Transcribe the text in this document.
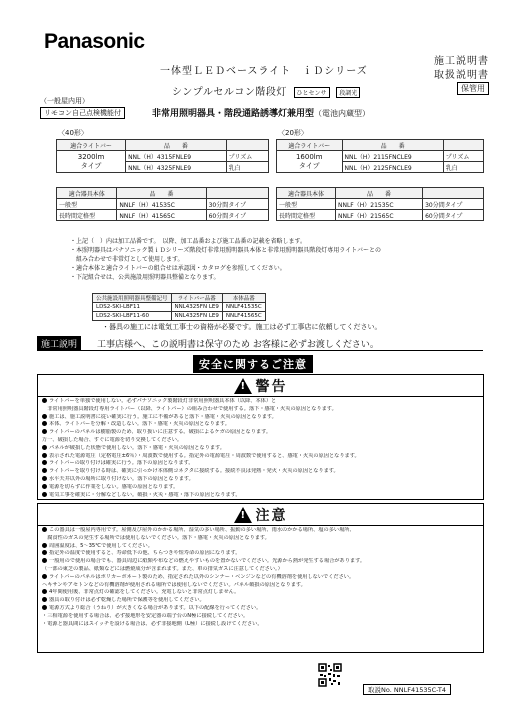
Panasonic
施工説明書
取扱説明書
保管用
一体型ＬＥＤベースライト　ｉＤシリーズ
シンプルセルコン階段灯 ひとセンサ 段調光
（一般屋内用）
リモコン自己点検機能付	非常用照明器具・階段通路誘導灯兼用型（電池内蔵型）
〈40形〉
適合ライトバー	品　　番	

3200lm
タイプ	NNL（H）4315FNLE9	プリズム
	NNL（H）4325FNLE9	乳白
適合器具本体	品　　番	
一般型	NNLF（H）41535C	30分間タイプ
長時間定格型	NNLF（H）41565C	60分間タイプ
〈20形〉
適合ライトバー	品　　番	

1600lm
タイプ	NNL（H）2115FNCLE9	プリズム
	NNL（H）2125FNCLE9	乳白
適合器具本体	品　　番	
一般型	NNLF（H）21535C	30分間タイプ
長時間定格型	NNLF（H）21565C	60分間タイプ
・上記（　）内は加工品番です。　以降、加工品番および施工品番の記載を省略します。
・本照明器具はパナソニック製ｉＤシリーズ階段灯非常用照明器具本体と非常用照明器具階段灯専用ライトバーとの
　組み合わせで非常灯として使用します。
・適合本体と適合ライトバーの組合せは承認図・カタログを参照してください。
・下記組合せは、公共施設用照明器具整備となります。
公共施設用照明器具整備記号	ライトバー品番	本体品番
LDS2-SKI-LBF11	NNL4325FN LE9	NNLF41535C
LDS2-SKI-LBF11-60	NNL4325FN LE9	NNLF41565C
・器具の施工には電気工事士の資格が必要です。施工は必ず工事店に依頼してください。
施工説明	工事店様へ、この説明書は保守のため お客様に必ずお渡しください。
安全に関するご注意
! 警告
ライトバーを単独で使用しない。必ずパナソニック製階段灯非常用照明器具本体（以降、本体）と
　非常用照明器具階段灯専用ライトバー（以降、ライトバー）の組み合わせで使用する。落下・感電・火災の原因となります。
施工は、施工説明書に従い確実に行う。施工に不備があると落下・感電・火災の原因となります。
本体、ライトバーを分解・改造しない。落下・感電・火災の原因となります。
ライトバーのパネルは樹脂製のため、取り扱いに注意する。破損によるケガの原因となります。
万一、破損した場合、すぐに電源を切り交換してください。
パネルが破損した状態で使用しない。落下・感電・火災の原因となります。
表示された電源電圧（定格電圧±6％）・周波数で使用する。指定外の電源電圧・周波数で使用すると、感電・火災の原因となります。
ライトバーの取り付けは確実に行う。落下の原因となります。
ライトバーを取り付ける時は、確実に引っかけ本体側コネクタに接続する。接続不良は発熱・発火・火災の原因となります。
水平天井以外の場所に取り付けない。落下の原因となります。
電源を切らずに作業をしない。感電の原因となります。
電気工事を確実に・分解などしない。破損・火災・感電・落下の原因となります。
! 注意
この器具は一般屋内専用です。屋側及び屋外のかかる場所、湿気の多い場所、振動の多い場所、雨水のかかる場所、塩の多い場所、
　腐食性のガスの発生する場所では使用しないでください。落下・感電・火災の原因となります。
周囲温度は、5～35℃で使用してください。
指定外の温度で使用すると、寿命低下の他、ちらつきや短寿命の原因になります。
一般用ので使用の場合でも、器具周辺に紙類や布などの燃えやすいものを置かないでください。光源から熱が発生する場合があります。
（一部の東芝の製品、紙類などには燃焼成分が含まれます。また、車の排気ガスに注意してください。）
ライトバーのパネルはポリカーボネート製のため、指定された以外のシンナー・ベンジンなどの有機溶剤を使用しないでください。
ヘキサンやアセトンなどの有機溶剤が使用される場所では使用しないでください。パネル破損の原因となります。
4年間使用後、非常点灯の確認をしてください。充電しないと非常点灯しません。
器具の取り付けは必ず乾燥した場所で保護等を使用してください。
電源方式より総合（うねり）が大きくなる場合があります。以下の配線を行ってください。
・三相電源を使用する場合は、必ず接地形を安定器の端子台のN極に接続してください。
・電源と器具間にはスイッチを設ける場合は、必ず非接地側（L極）に接続し設けてください。
取説No. NNLF41535C-T4
